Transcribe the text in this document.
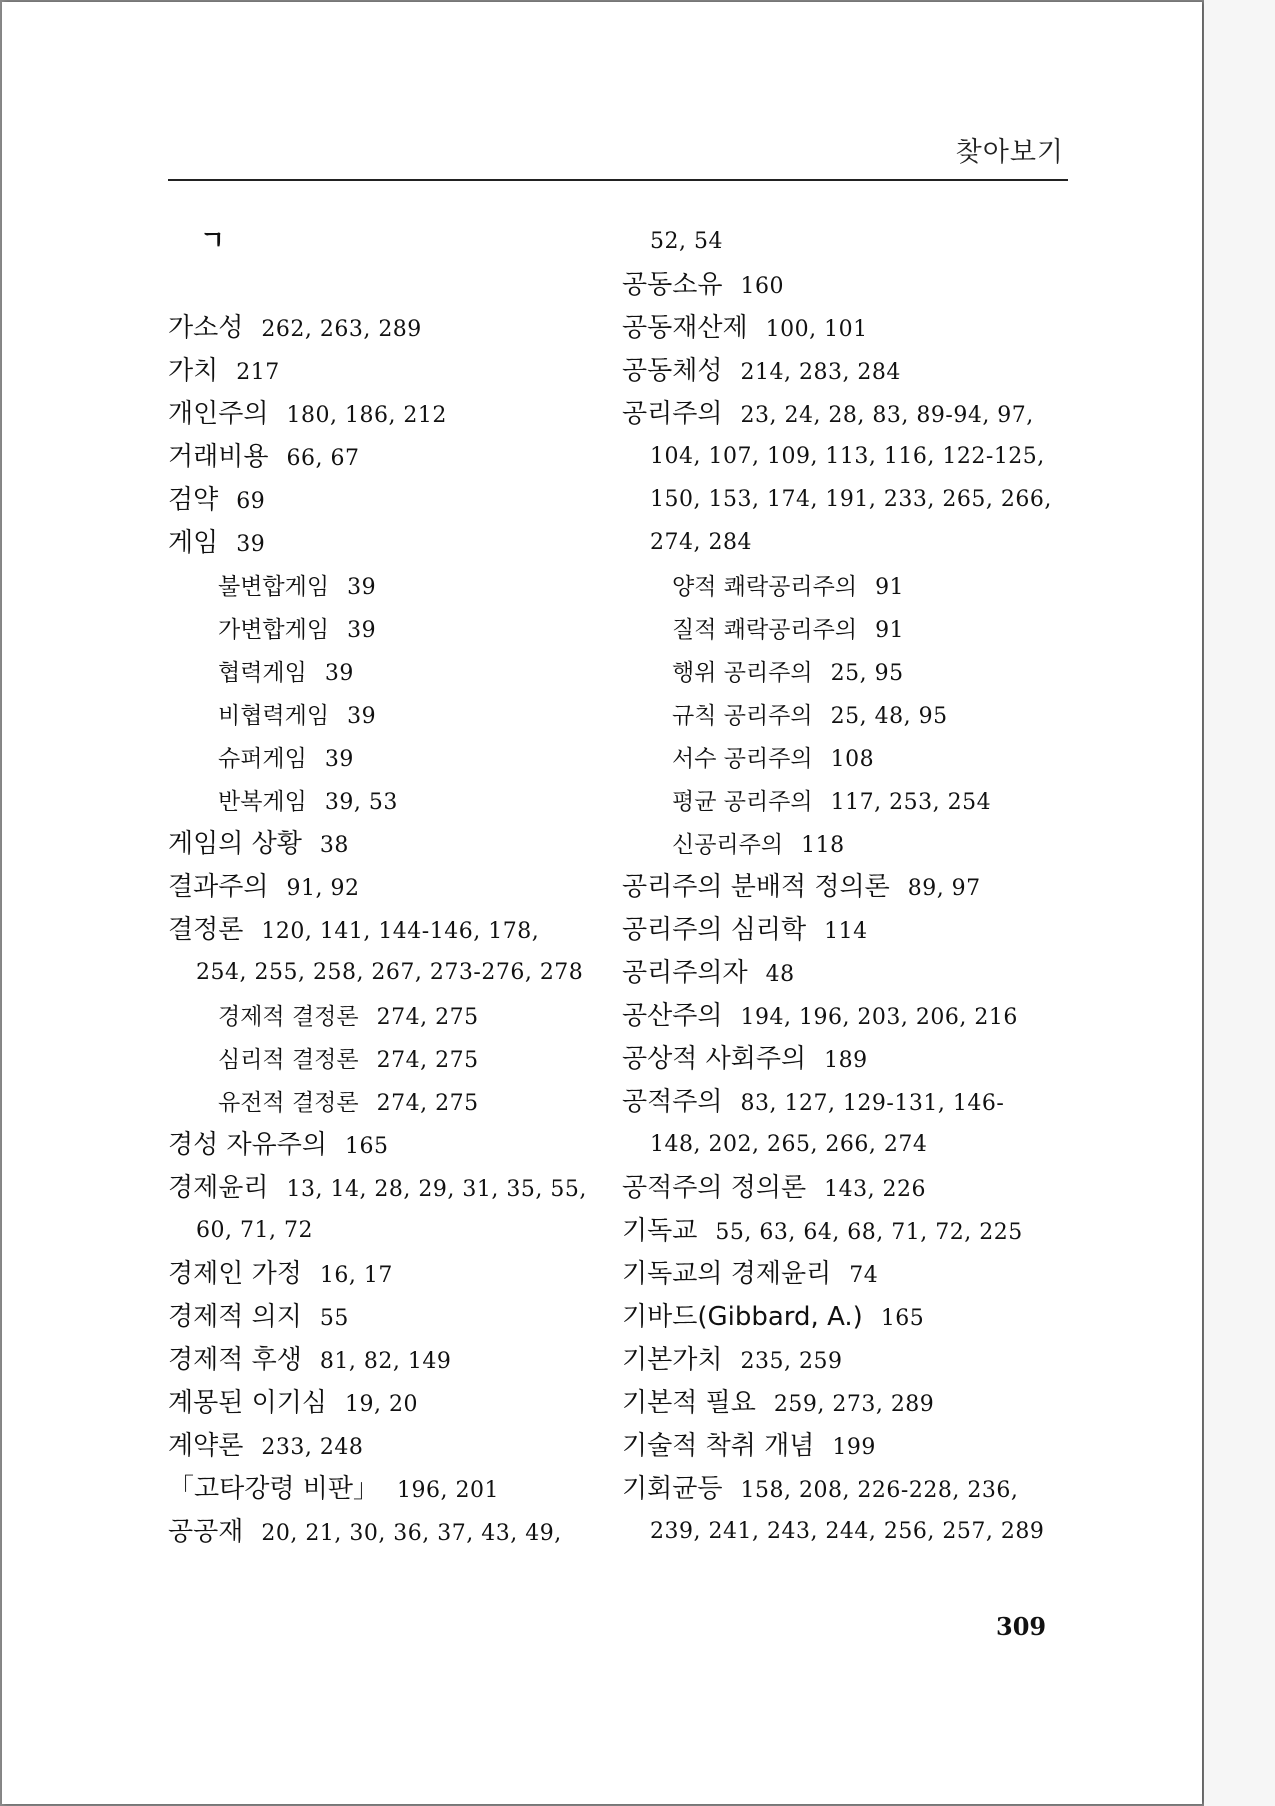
찾아보기
ㄱ
가소성 262, 263, 289
가치 217
개인주의 180, 186, 212
거래비용 66, 67
검약 69
게임 39
불변합게임 39
가변합게임 39
협력게임 39
비협력게임 39
슈퍼게임 39
반복게임 39, 53
게임의 상황 38
결과주의 91, 92
결정론 120, 141, 144-146, 178,
254, 255, 258, 267, 273-276, 278
경제적 결정론 274, 275
심리적 결정론 274, 275
유전적 결정론 274, 275
경성 자유주의 165
경제윤리 13, 14, 28, 29, 31, 35, 55,
60, 71, 72
경제인 가정 16, 17
경제적 의지 55
경제적 후생 81, 82, 149
계몽된 이기심 19, 20
계약론 233, 248
「고타강령 비판」 196, 201
공공재 20, 21, 30, 36, 37, 43, 49,
52, 54
공동소유 160
공동재산제 100, 101
공동체성 214, 283, 284
공리주의 23, 24, 28, 83, 89-94, 97,
104, 107, 109, 113, 116, 122-125,
150, 153, 174, 191, 233, 265, 266,
274, 284
양적 쾌락공리주의 91
질적 쾌락공리주의 91
행위 공리주의 25, 95
규칙 공리주의 25, 48, 95
서수 공리주의 108
평균 공리주의 117, 253, 254
신공리주의 118
공리주의 분배적 정의론 89, 97
공리주의 심리학 114
공리주의자 48
공산주의 194, 196, 203, 206, 216
공상적 사회주의 189
공적주의 83, 127, 129-131, 146-
148, 202, 265, 266, 274
공적주의 정의론 143, 226
기독교 55, 63, 64, 68, 71, 72, 225
기독교의 경제윤리 74
기바드(Gibbard, A.) 165
기본가치 235, 259
기본적 필요 259, 273, 289
기술적 착취 개념 199
기회균등 158, 208, 226-228, 236,
239, 241, 243, 244, 256, 257, 289
309
